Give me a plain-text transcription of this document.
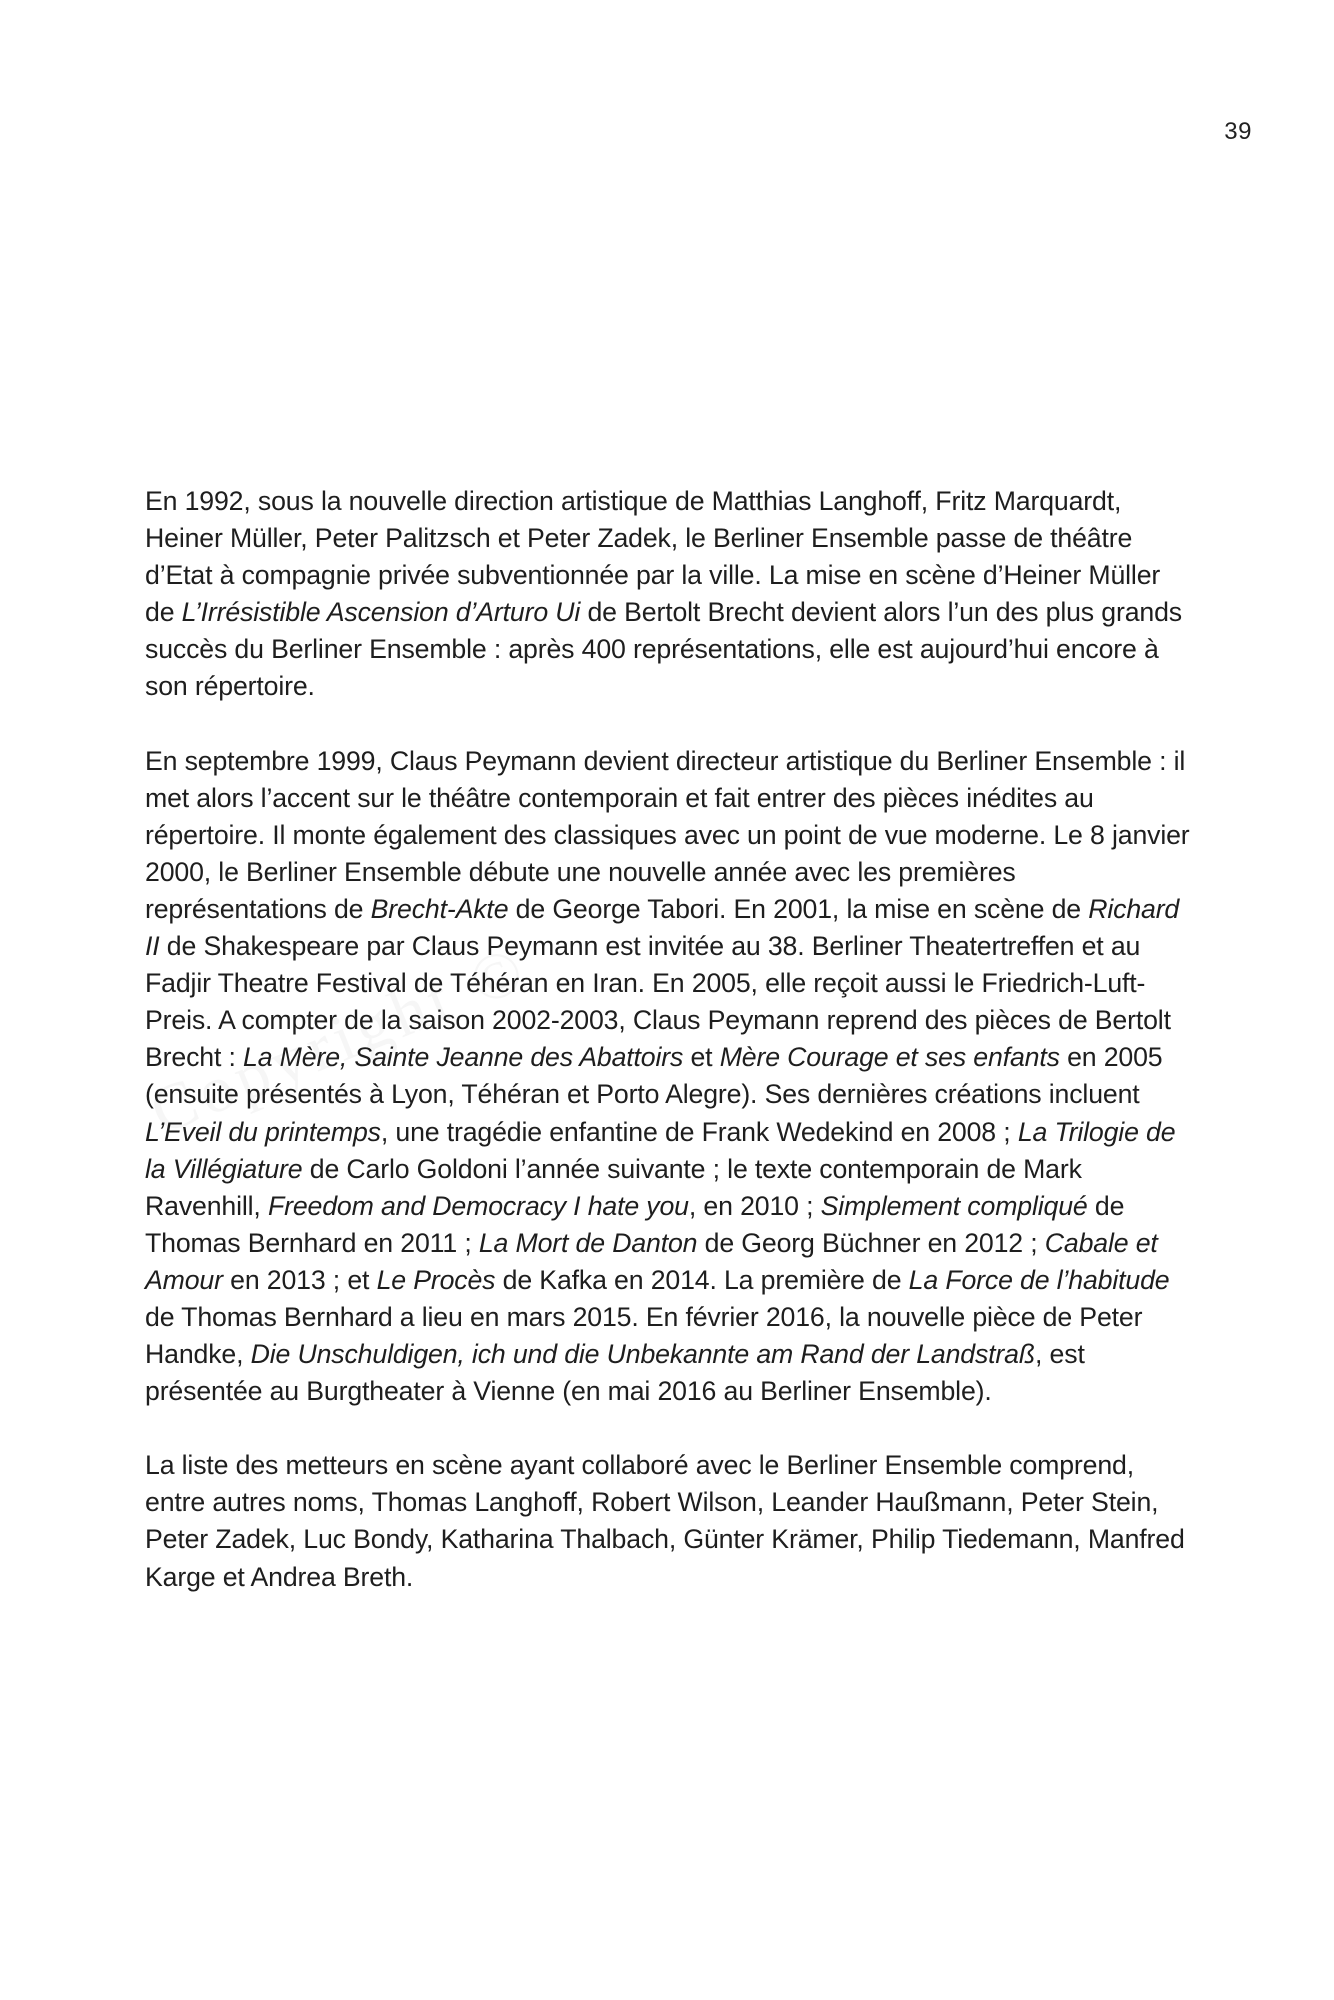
39

En 1992, sous la nouvelle direction artistique de Matthias Langhoff, Fritz Marquardt, Heiner Müller, Peter Palitzsch et Peter Zadek, le Berliner Ensemble passe de théâtre d’Etat à compagnie privée subventionnée par la ville. La mise en scène d’Heiner Müller de L’Irrésistible Ascension d’Arturo Ui de Bertolt Brecht devient alors l’un des plus grands succès du Berliner Ensemble : après 400 représentations, elle est aujourd’hui encore à son répertoire.

En septembre 1999, Claus Peymann devient directeur artistique du Berliner Ensemble : il met alors l’accent sur le théâtre contemporain et fait entrer des pièces inédites au répertoire. Il monte également des classiques avec un point de vue moderne. Le 8 janvier 2000, le Berliner Ensemble débute une nouvelle année avec les premières représentations de Brecht-Akte de George Tabori. En 2001, la mise en scène de Richard II de Shakespeare par Claus Peymann est invitée au 38. Berliner Theatertreffen et au Fadjir Theatre Festival de Téhéran en Iran. En 2005, elle reçoit aussi le Friedrich-Luft-Preis. A compter de la saison 2002-2003, Claus Peymann reprend des pièces de Bertolt Brecht : La Mère, Sainte Jeanne des Abattoirs et Mère Courage et ses enfants en 2005 (ensuite présentés à Lyon, Téhéran et Porto Alegre). Ses dernières créations incluent L’Eveil du printemps, une tragédie enfantine de Frank Wedekind en 2008 ; La Trilogie de la Villégiature de Carlo Goldoni l’année suivante ; le texte contemporain de Mark Ravenhill, Freedom and Democracy I hate you, en 2010 ; Simplement compliqué de Thomas Bernhard en 2011 ; La Mort de Danton de Georg Büchner en 2012 ; Cabale et Amour en 2013 ; et Le Procès de Kafka en 2014. La première de La Force de l’habitude de Thomas Bernhard a lieu en mars 2015. En février 2016, la nouvelle pièce de Peter Handke, Die Unschuldigen, ich und die Unbekannte am Rand der Landstraß, est présentée au Burgtheater à Vienne (en mai 2016 au Berliner Ensemble).

La liste des metteurs en scène ayant collaboré avec le Berliner Ensemble comprend, entre autres noms, Thomas Langhoff, Robert Wilson, Leander Haußmann, Peter Stein, Peter Zadek, Luc Bondy, Katharina Thalbach, Günter Krämer, Philip Tiedemann, Manfred Karge et Andrea Breth.
